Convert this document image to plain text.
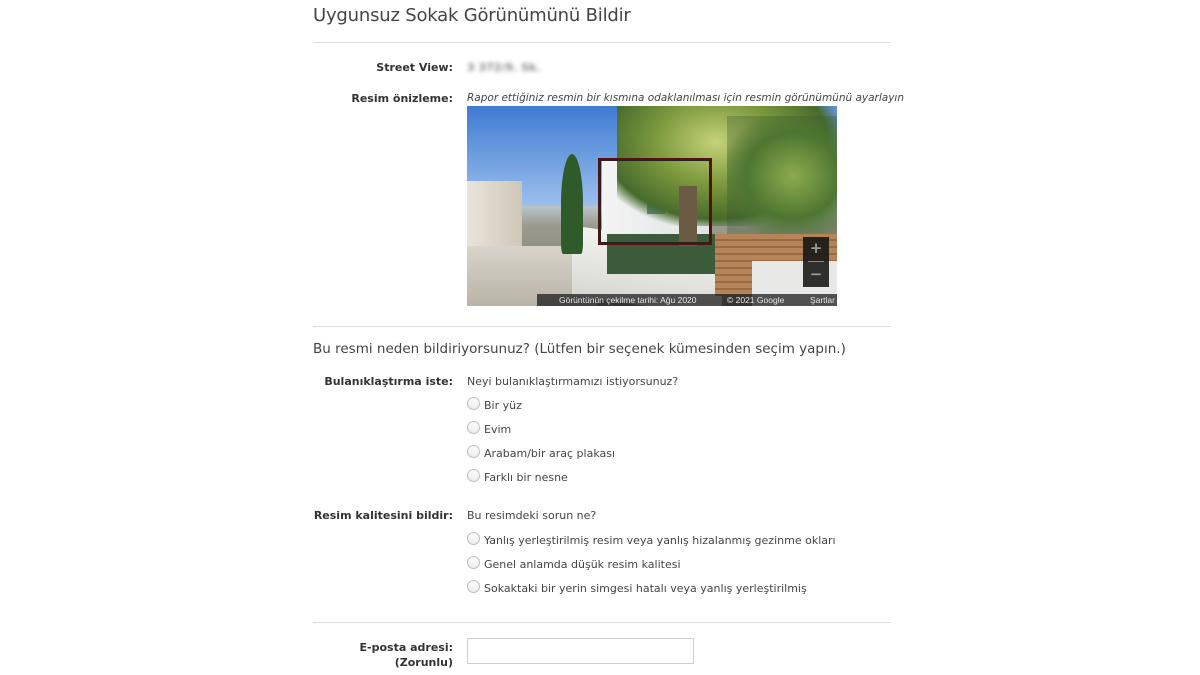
Uygunsuz Sokak Görünümünü Bildir
Street View: 3 372/9. Sk.
Resim önizleme: Rapor ettiğiniz resmin bir kısmına odaklanılması için resmin görünümünü ayarlayın
+
−
Görüntünün çekilme tarihi: Ağu 2020	© 2021 Google	Şartlar
Bu resmi neden bildiriyorsunuz? (Lütfen bir seçenek kümesinden seçim yapın.)
Bulanıklaştırma iste: Neyi bulanıklaştırmamızı istiyorsunuz?
Bir yüz
Evim
Arabam/bir araç plakası
Farklı bir nesne
Resim kalitesini bildir: Bu resimdeki sorun ne?
Yanlış yerleştirilmiş resim veya yanlış hizalanmış gezinme okları
Genel anlamda düşük resim kalitesi
Sokaktaki bir yerin simgesi hatalı veya yanlış yerleştirilmiş
E-posta adresi:
(Zorunlu)
